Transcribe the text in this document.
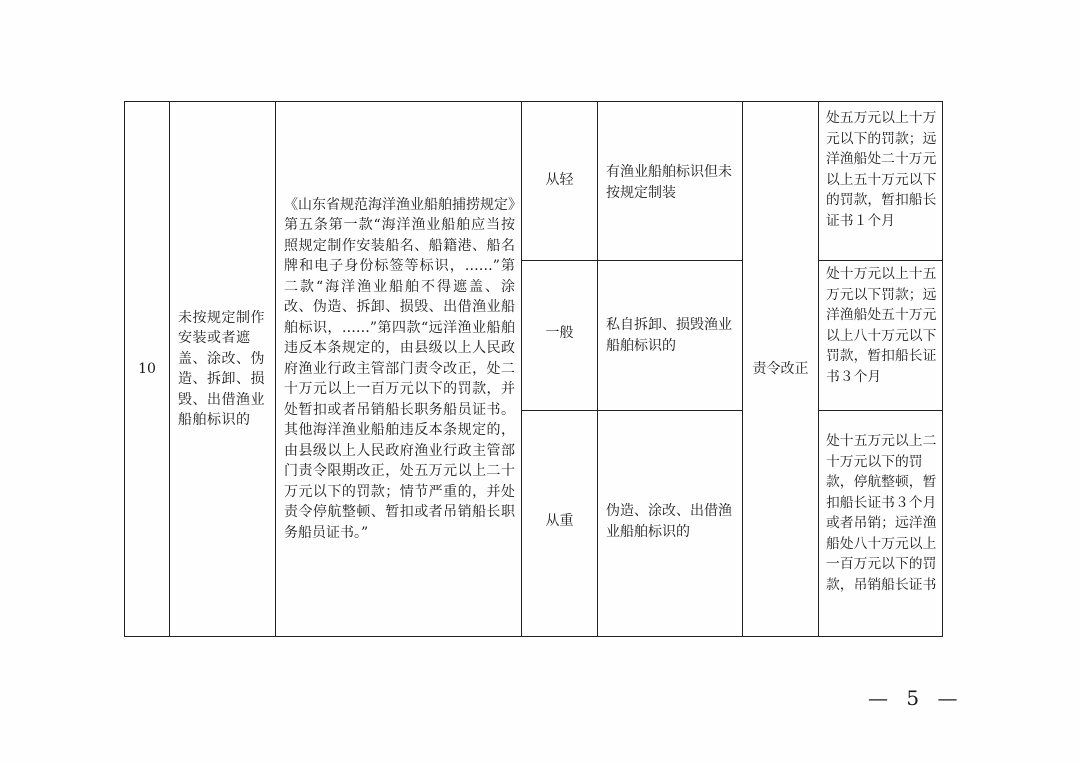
10	未按规定制作安装或者遮盖、涂改、伪造、拆卸、损毁、出借渔业船舶标识的	《山东省规范海洋渔业船舶捕捞规定》第五条第一款“海洋渔业船舶应当按照规定制作安装船名、船籍港、船名牌和电子身份标签等标识，……”第二款“海洋渔业船舶不得遮盖、涂改、伪造、拆卸、损毁、出借渔业船舶标识，……”第四款“远洋渔业船舶违反本条规定的，由县级以上人民政府渔业行政主管部门责令改正，处二十万元以上一百万元以下的罚款，并处暂扣或者吊销船长职务船员证书。其他海洋渔业船舶违反本条规定的，由县级以上人民政府渔业行政主管部门责令限期改正，处五万元以上二十万元以下的罚款；情节严重的，并处责令停航整顿、暂扣或者吊销船长职务船员证书。”	从轻	有渔业船舶标识但未按规定制装	责令改正	处五万元以上十万元以下的罚款；远洋渔船处二十万元以上五十万元以下的罚款，暂扣船长证书１个月
			一般	私自拆卸、损毁渔业船舶标识的		处十万元以上十五万元以下罚款；远洋渔船处五十万元以上八十万元以下罚款，暂扣船长证书３个月
			从重	伪造、涂改、出借渔业船舶标识的		处十五万元以上二十万元以下的罚款，停航整顿，暂扣船长证书３个月或者吊销；远洋渔船处八十万元以上一百万元以下的罚款，吊销船长证书
— 5 —
